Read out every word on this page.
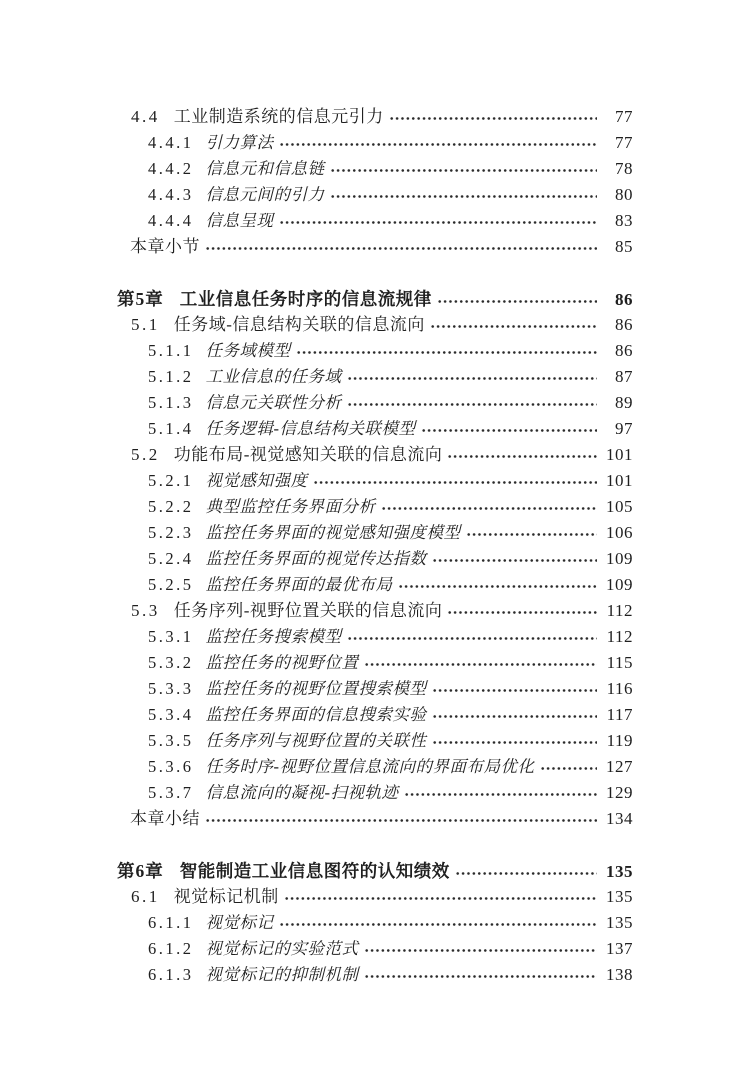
4.4 工业制造系统的信息元引力	77
4.4.1 引力算法	77
4.4.2 信息元和信息链	78
4.4.3 信息元间的引力	80
4.4.4 信息呈现	83
本章小节	85
第5章 工业信息任务时序的信息流规律	86
5.1 任务域-信息结构关联的信息流向	86
5.1.1 任务域模型	86
5.1.2 工业信息的任务域	87
5.1.3 信息元关联性分析	89
5.1.4 任务逻辑-信息结构关联模型	97
5.2 功能布局-视觉感知关联的信息流向	101
5.2.1 视觉感知强度	101
5.2.2 典型监控任务界面分析	105
5.2.3 监控任务界面的视觉感知强度模型	106
5.2.4 监控任务界面的视觉传达指数	109
5.2.5 监控任务界面的最优布局	109
5.3 任务序列-视野位置关联的信息流向	112
5.3.1 监控任务搜索模型	112
5.3.2 监控任务的视野位置	115
5.3.3 监控任务的视野位置搜索模型	116
5.3.4 监控任务界面的信息搜索实验	117
5.3.5 任务序列与视野位置的关联性	119
5.3.6 任务时序-视野位置信息流向的界面布局优化	127
5.3.7 信息流向的凝视-扫视轨迹	129
本章小结	134
第6章 智能制造工业信息图符的认知绩效	135
6.1 视觉标记机制	135
6.1.1 视觉标记	135
6.1.2 视觉标记的实验范式	137
6.1.3 视觉标记的抑制机制	138
